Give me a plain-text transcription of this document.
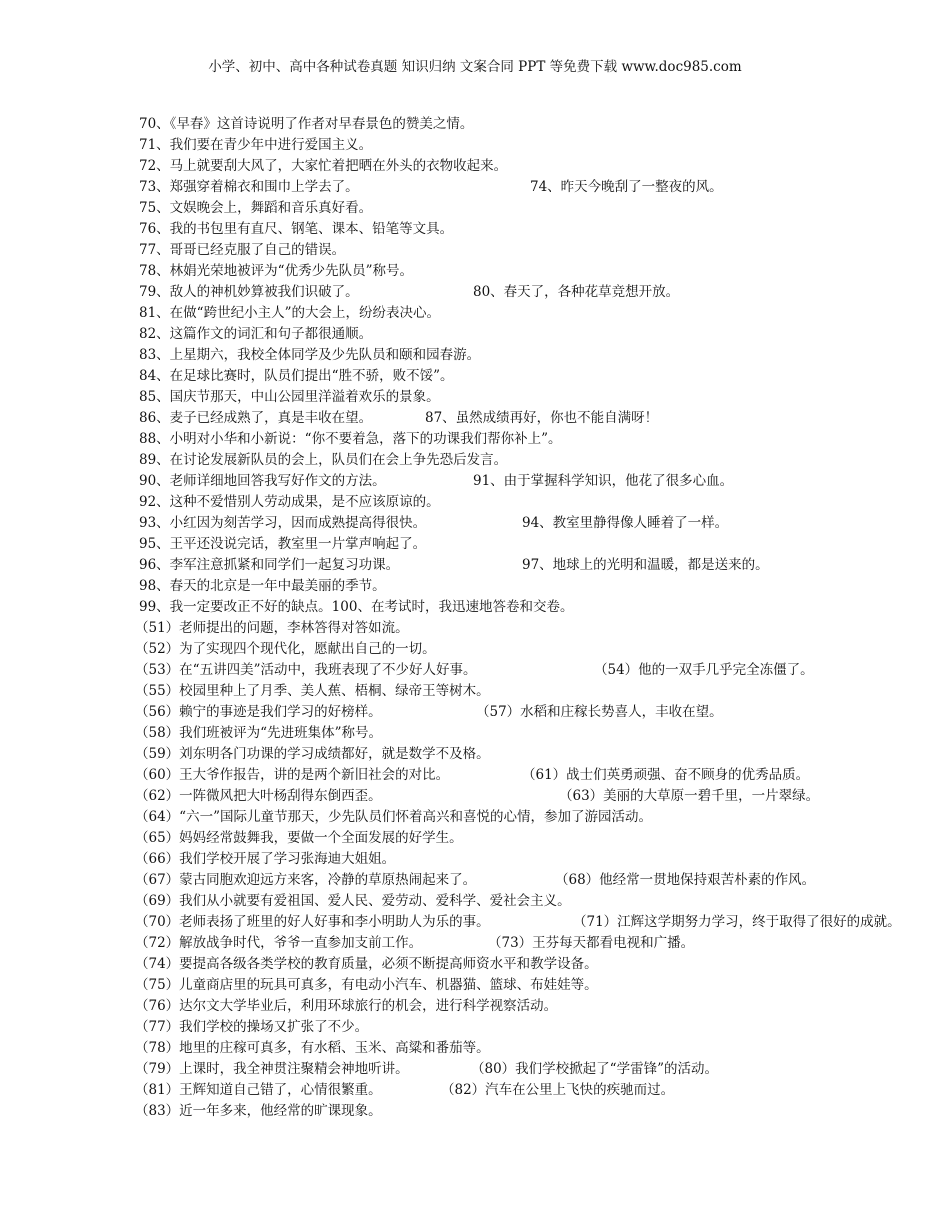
小学、初中、高中各种试卷真题 知识归纳 文案合同 PPT 等免费下载 www.doc985.com
70、《早春》这首诗说明了作者对早春景色的赞美之情。
71、我们要在青少年中进行爱国主义。
72、马上就要刮大风了，大家忙着把晒在外头的衣物收起来。
73、郑强穿着棉衣和围巾上学去了。	74、昨天今晚刮了一整夜的风。
75、文娱晚会上，舞蹈和音乐真好看。
76、我的书包里有直尺、钢笔、课本、铅笔等文具。
77、哥哥已经克服了自己的错误。
78、林娟光荣地被评为“优秀少先队员”称号。
79、敌人的神机妙算被我们识破了。	80、春天了，各种花草竞想开放。
81、在做“跨世纪小主人”的大会上，纷纷表决心。
82、这篇作文的词汇和句子都很通顺。
83、上星期六，我校全体同学及少先队员和颐和园春游。
84、在足球比赛时，队员们提出“胜不骄，败不馁”。
85、国庆节那天，中山公园里洋溢着欢乐的景象。
86、麦子已经成熟了，真是丰收在望。	87、虽然成绩再好，你也不能自满呀！
88、小明对小华和小新说：“你不要着急，落下的功课我们帮你补上”。
89、在讨论发展新队员的会上，队员们在会上争先恐后发言。
90、老师详细地回答我写好作文的方法。	91、由于掌握科学知识，他花了很多心血。
92、这种不爱惜别人劳动成果，是不应该原谅的。
93、小红因为刻苦学习，因而成熟提高得很快。	94、教室里静得像人睡着了一样。
95、王平还没说完话，教室里一片掌声响起了。
96、李军注意抓紧和同学们一起复习功课。	97、地球上的光明和温暖，都是送来的。
98、春天的北京是一年中最美丽的季节。
99、我一定要改正不好的缺点。100、在考试时，我迅速地答卷和交卷。
（51）老师提出的问题，李林答得对答如流。
（52）为了实现四个现代化，愿献出自己的一切。
（53）在“五讲四美”活动中，我班表现了不少好人好事。	（54）他的一双手几乎完全冻僵了。
（55）校园里种上了月季、美人蕉、梧桐、绿帝王等树木。
（56）赖宁的事迹是我们学习的好榜样。	（57）水稻和庄稼长势喜人，丰收在望。
（58）我们班被评为“先进班集体”称号。
（59）刘东明各门功课的学习成绩都好，就是数学不及格。
（60）王大爷作报告，讲的是两个新旧社会的对比。	（61）战士们英勇顽强、奋不顾身的优秀品质。
（62）一阵微风把大叶杨刮得东倒西歪。	（63）美丽的大草原一碧千里，一片翠绿。
（64）“六一”国际儿童节那天，少先队员们怀着高兴和喜悦的心情，参加了游园活动。
（65）妈妈经常鼓舞我，要做一个全面发展的好学生。
（66）我们学校开展了学习张海迪大姐姐。
（67）蒙古同胞欢迎远方来客，冷静的草原热闹起来了。	（68）他经常一贯地保持艰苦朴素的作风。
（69）我们从小就要有爱祖国、爱人民、爱劳动、爱科学、爱社会主义。
（70）老师表扬了班里的好人好事和李小明助人为乐的事。	（71）江辉这学期努力学习，终于取得了很好的成就。
（72）解放战争时代，爷爷一直参加支前工作。	（73）王芬每天都看电视和广播。
（74）要提高各级各类学校的教育质量，必须不断提高师资水平和教学设备。
（75）儿童商店里的玩具可真多，有电动小汽车、机器猫、篮球、布娃娃等。
（76）达尔文大学毕业后，利用环球旅行的机会，进行科学视察活动。
（77）我们学校的操场又扩张了不少。
（78）地里的庄稼可真多，有水稻、玉米、高粱和番茄等。
（79）上课时，我全神贯注聚精会神地听讲。	（80）我们学校掀起了“学雷锋”的活动。
（81）王辉知道自己错了，心情很繁重。	（82）汽车在公里上飞快的疾驰而过。
（83）近一年多来，他经常的旷课现象。
